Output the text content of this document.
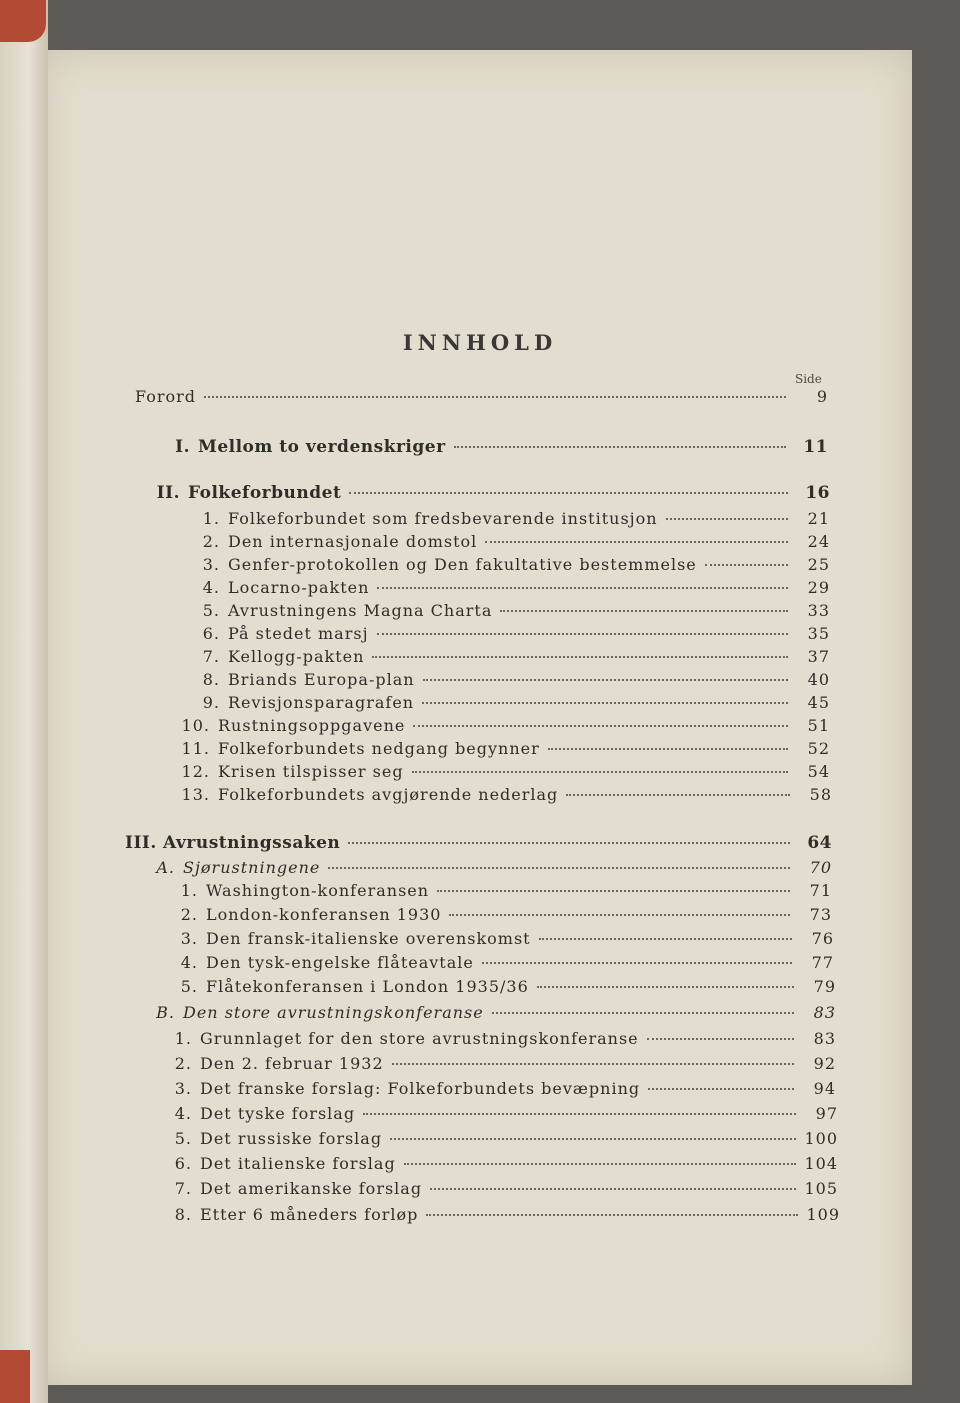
INNHOLD
Side
Forord	9
I. Mellom to verdenskriger	11
II. Folkeforbundet	16
1. Folkeforbundet som fredsbevarende institusjon	21
2. Den internasjonale domstol	24
3. Genfer-protokollen og Den fakultative bestemmelse	25
4. Locarno-pakten	29
5. Avrustningens Magna Charta	33
6. På stedet marsj	35
7. Kellogg-pakten	37
8. Briands Europa-plan	40
9. Revisjonsparagrafen	45
10. Rustningsoppgavene	51
11. Folkeforbundets nedgang begynner	52
12. Krisen tilspisser seg	54
13. Folkeforbundets avgjørende nederlag	58
III. Avrustningssaken	64
A. Sjørustningene	70
1. Washington-konferansen	71
2. London-konferansen 1930	73
3. Den fransk-italienske overenskomst	76
4. Den tysk-engelske flåteavtale	77
5. Flåtekonferansen i London 1935/36	79
B. Den store avrustningskonferanse	83
1. Grunnlaget for den store avrustningskonferanse	83
2. Den 2. februar 1932	92
3. Det franske forslag: Folkeforbundets bevæpning	94
4. Det tyske forslag	97
5. Det russiske forslag	100
6. Det italienske forslag	104
7. Det amerikanske forslag	105
8. Etter 6 måneders forløp	109
